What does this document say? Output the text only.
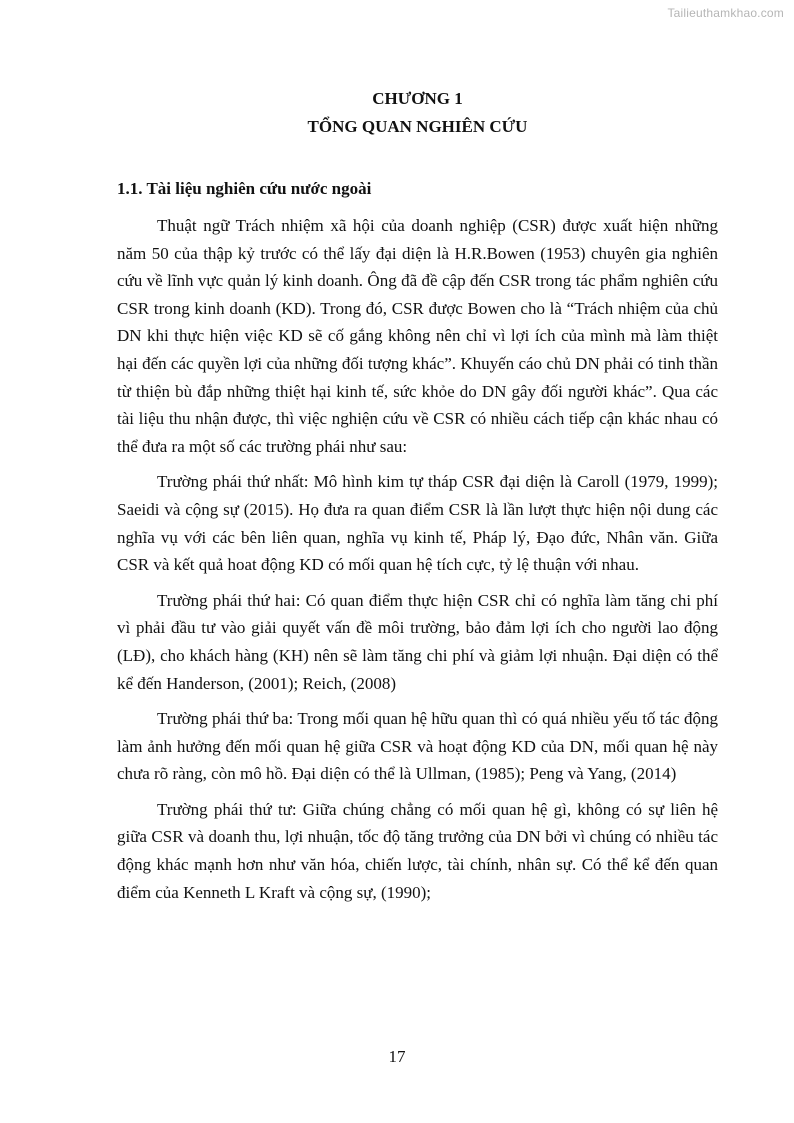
Tailieuthamkhao.com

CHƯƠNG 1

TỔNG QUAN NGHIÊN CỨU

1.1. Tài liệu nghiên cứu nước ngoài

Thuật ngữ Trách nhiệm xã hội của doanh nghiệp (CSR) được xuất hiện những năm 50 của thập kỷ trước có thể lấy đại diện là H.R.Bowen (1953) chuyên gia nghiên cứu về lĩnh vực quản lý kinh doanh. Ông đã đề cập đến CSR trong tác phẩm nghiên cứu CSR trong kinh doanh (KD). Trong đó, CSR được Bowen cho là “Trách nhiệm của chủ DN khi thực hiện việc KD sẽ cố gắng không nên chỉ vì lợi ích của mình mà làm thiệt hại đến các quyền lợi của những đối tượng khác”. Khuyến cáo chủ DN phải có tinh thần từ thiện bù đắp những thiệt hại kinh tế, sức khỏe do DN gây đối người khác”. Qua các tài liệu thu nhận được, thì việc nghiện cứu về CSR có nhiều cách tiếp cận khác nhau có thể đưa ra một số các trường phái như sau:

Trường phái thứ nhất: Mô hình kim tự tháp CSR đại diện là Caroll (1979, 1999); Saeidi và cộng sự (2015). Họ đưa ra quan điểm CSR là lần lượt thực hiện nội dung các nghĩa vụ với các bên liên quan, nghĩa vụ kinh tế, Pháp lý, Đạo đức, Nhân văn. Giữa CSR và kết quả hoat động KD có mối quan hệ tích cực, tỷ lệ thuận với nhau.

Trường phái thứ hai: Có quan điểm thực hiện CSR chỉ có nghĩa làm tăng chi phí vì phải đầu tư vào giải quyết vấn đề môi trường, bảo đảm lợi ích cho người lao động (LĐ), cho khách hàng (KH) nên sẽ làm tăng chi phí và giảm lợi nhuận. Đại diện có thể kể đến Handerson, (2001); Reich, (2008)

Trường phái thứ ba: Trong mối quan hệ hữu quan thì có quá nhiều yếu tố tác động làm ảnh hưởng đến mối quan hệ giữa CSR và hoạt động KD của DN, mối quan hệ này chưa rõ ràng, còn mô hồ. Đại diện có thể là Ullman, (1985); Peng và Yang, (2014)

Trường phái thứ tư: Giữa chúng chẳng có mối quan hệ gì, không có sự liên hệ giữa CSR và doanh thu, lợi nhuận, tốc độ tăng trưởng của DN bởi vì chúng có nhiều tác động khác mạnh hơn như văn hóa, chiến lược, tài chính, nhân sự. Có thể kể đến quan điểm của Kenneth L Kraft và cộng sự, (1990);

17
